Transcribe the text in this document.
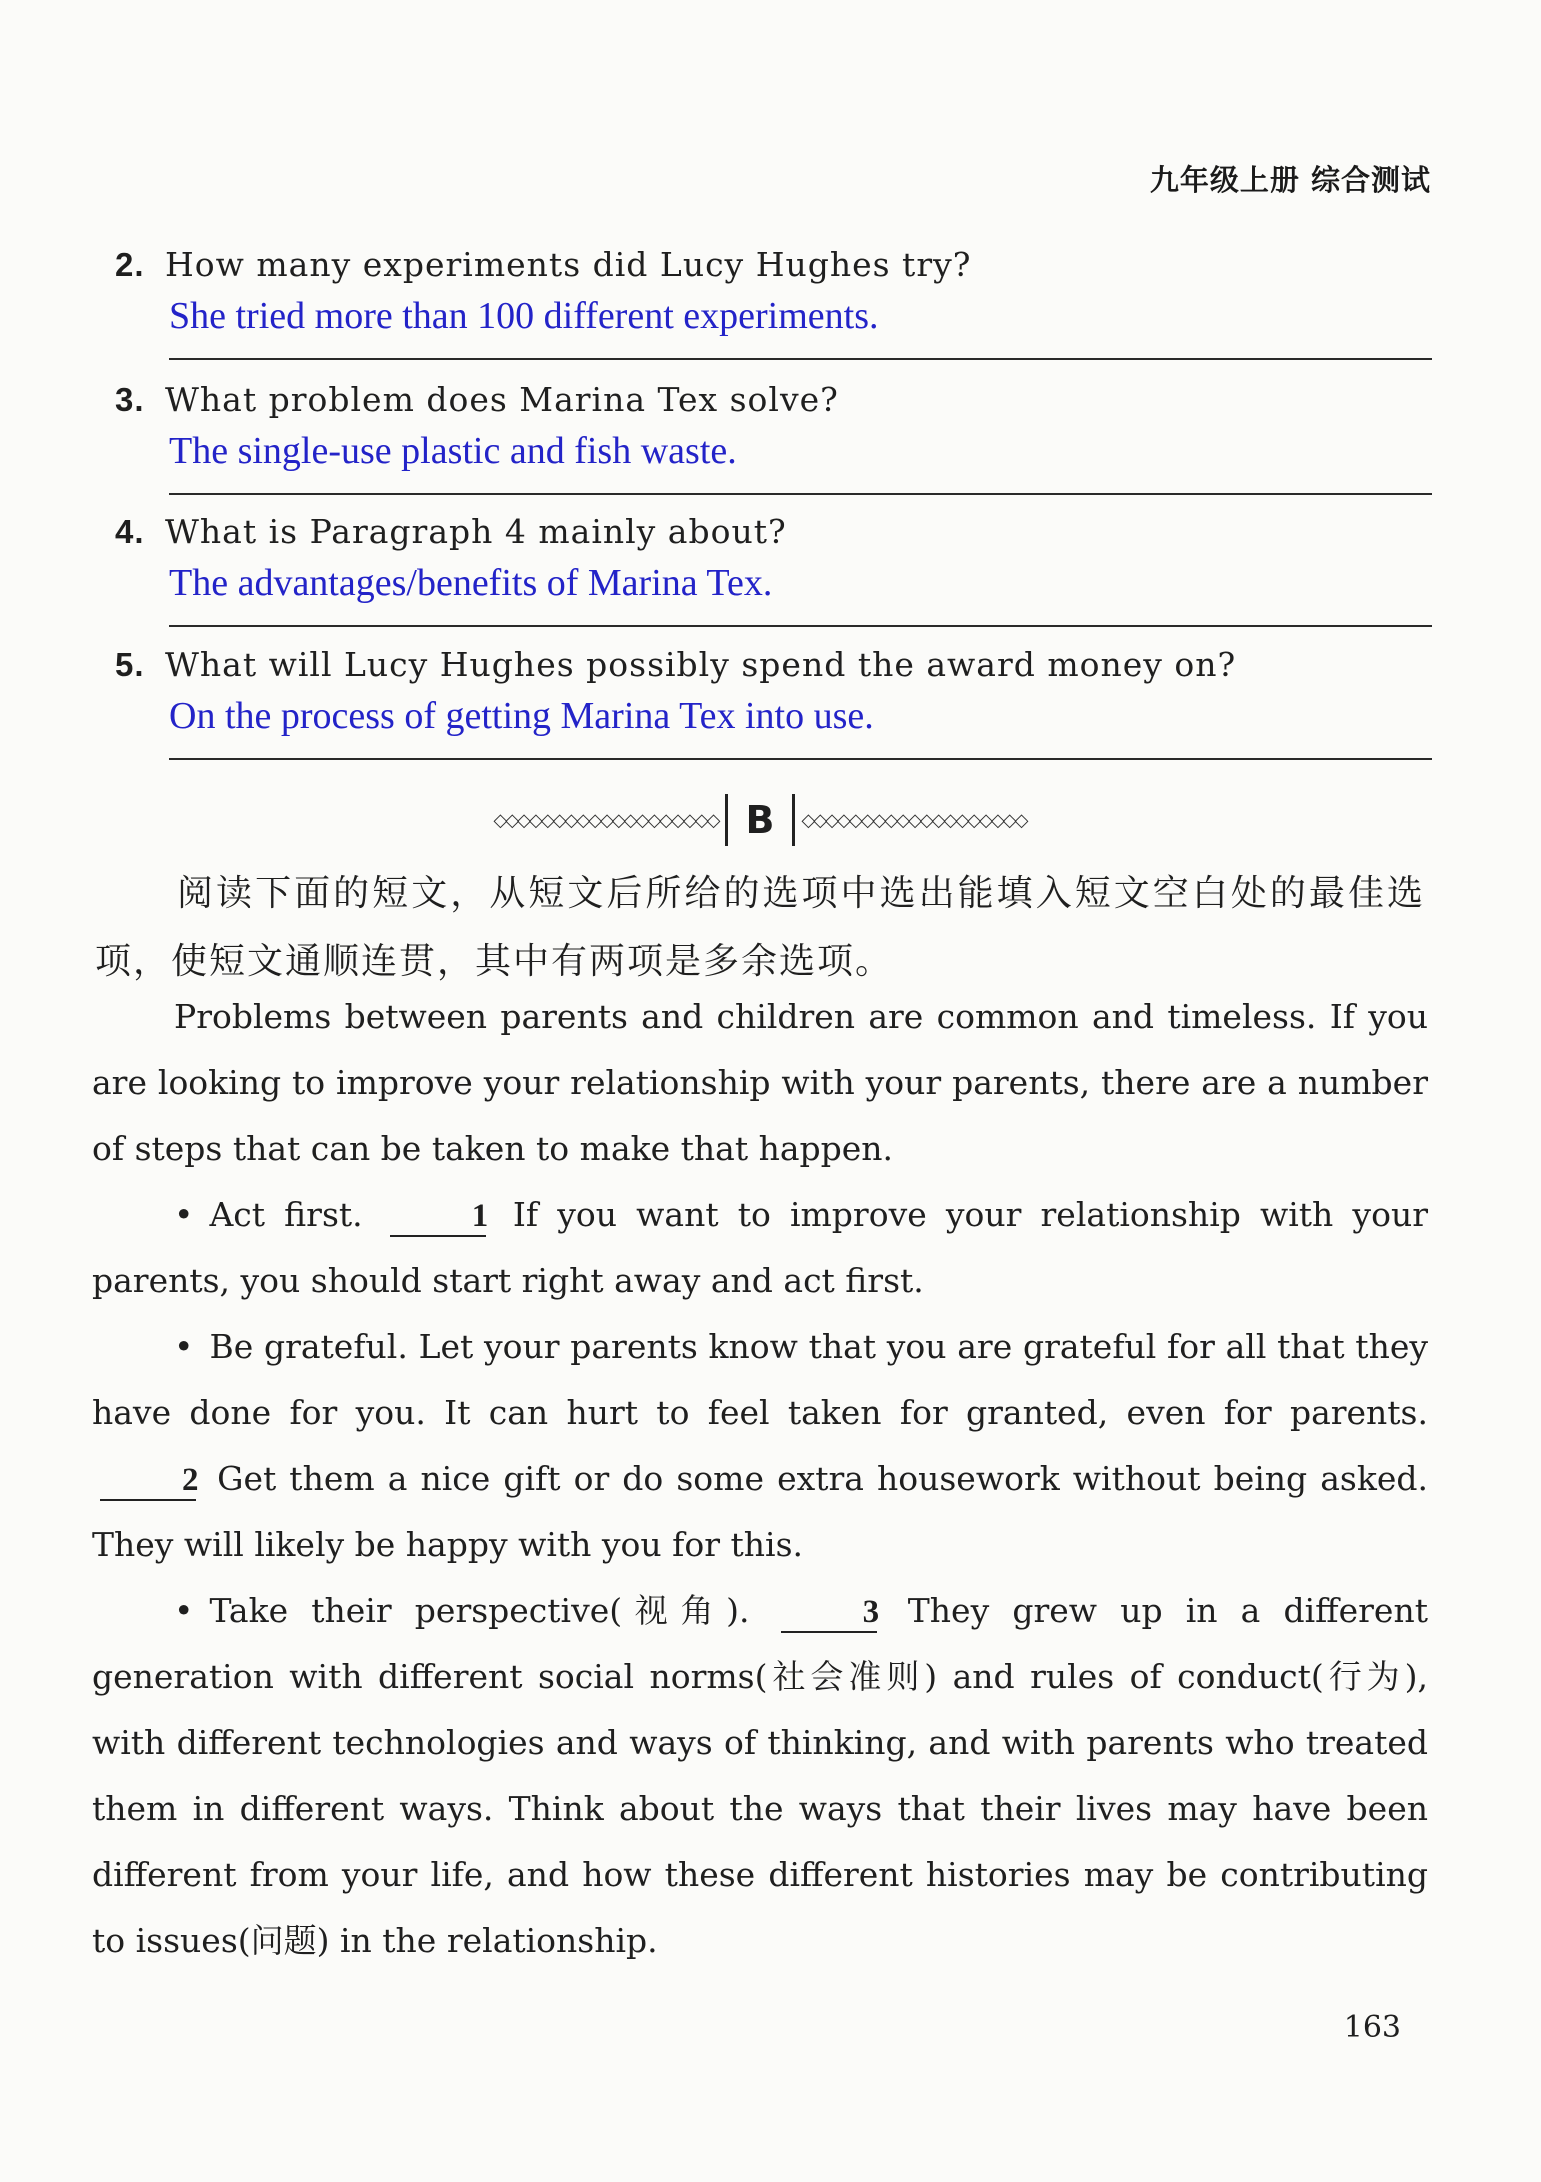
九年级上册 综合测试
2. How many experiments did Lucy Hughes try?
She tried more than 100 different experiments.
3. What problem does Marina Tex solve?
The single-use plastic and fish waste.
4. What is Paragraph 4 mainly about?
The advantages/benefits of Marina Tex.
5. What will Lucy Hughes possibly spend the award money on?
On the process of getting Marina Tex into use.
◇◇◇◇◇◇◇◇◇◇◇◇◇◇◇◇◇◇◇ B	◇◇◇◇◇◇◇◇◇◇◇◇◇◇◇◇◇◇◇
阅读下面的短文，从短文后所给的选项中选出能填入短文空白处的最佳选项，使短文通顺连贯，其中有两项是多余选项。

Problems between parents and children are common and timeless. If you are looking to improve your relationship with your parents, there are a number of steps that can be taken to make that happen.

• Act first.	1 If you want to improve your relationship with your parents, you should start right away and act first.

• Be grateful. Let your parents know that you are grateful for all that they have done for you. It can hurt to feel taken for granted, even for parents. 2 Get them a nice gift or do some extra housework without being asked. They will likely be happy with you for this.

• Take their perspective(视角).	3 They grew up in a different generation with different social norms(社会准则) and rules of conduct(行为), with different technologies and ways of thinking, and with parents who treated them in different ways. Think about the ways that their lives may have been different from your life, and how these different histories may be contributing to issues(问题) in the relationship.

163
